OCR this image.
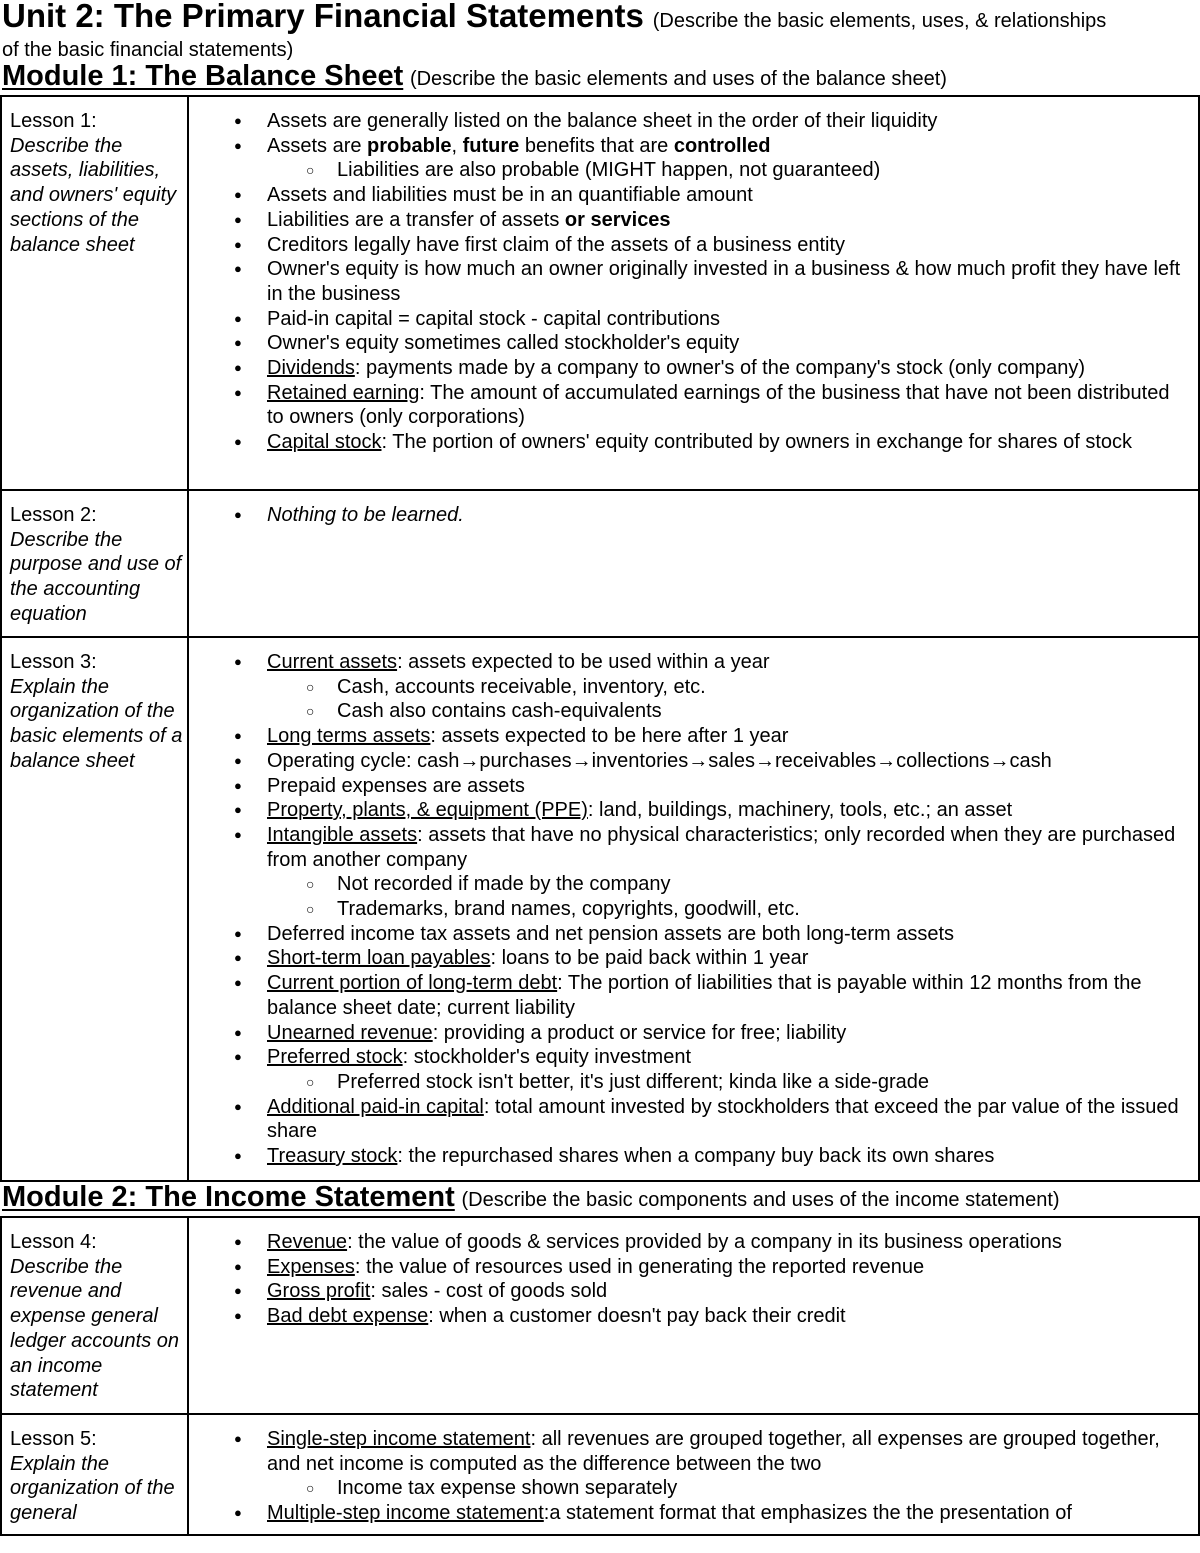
Unit 2: The Primary Financial Statements (Describe the basic elements, uses, & relationships
of the basic financial statements)
Module 1: The Balance Sheet (Describe the basic elements and uses of the balance sheet)
Lesson 1:
Describe the assets, liabilities, and owners' equity sections of the balance sheet
● Assets are generally listed on the balance sheet in the order of their liquidity
● Assets are probable, future benefits that are controlled
○ Liabilities are also probable (MIGHT happen, not guaranteed)
● Assets and liabilities must be in an quantifiable amount
● Liabilities are a transfer of assets or services
● Creditors legally have first claim of the assets of a business entity
● Owner's equity is how much an owner originally invested in a business & how much profit they have left in the business
● Paid-in capital = capital stock - capital contributions
● Owner's equity sometimes called stockholder's equity
● Dividends: payments made by a company to owner's of the company's stock (only company)
● Retained earning: The amount of accumulated earnings of the business that have not been distributed to owners (only corporations)
● Capital stock: The portion of owners' equity contributed by owners in exchange for shares of stock
Lesson 2:
Describe the purpose and use of the accounting equation
● Nothing to be learned.
Lesson 3:
Explain the organization of the basic elements of a balance sheet
● Current assets: assets expected to be used within a year
○ Cash, accounts receivable, inventory, etc.
○ Cash also contains cash-equivalents
● Long terms assets: assets expected to be here after 1 year
● Operating cycle: cash→purchases→inventories→sales→receivables→collections→cash
● Prepaid expenses are assets
● Property, plants, & equipment (PPE): land, buildings, machinery, tools, etc.; an asset
● Intangible assets: assets that have no physical characteristics; only recorded when they are purchased from another company
○ Not recorded if made by the company
○ Trademarks, brand names, copyrights, goodwill, etc.
● Deferred income tax assets and net pension assets are both long-term assets
● Short-term loan payables: loans to be paid back within 1 year
● Current portion of long-term debt: The portion of liabilities that is payable within 12 months from the balance sheet date; current liability
● Unearned revenue: providing a product or service for free; liability
● Preferred stock: stockholder's equity investment
○ Preferred stock isn't better, it's just different; kinda like a side-grade
● Additional paid-in capital: total amount invested by stockholders that exceed the par value of the issued share
● Treasury stock: the repurchased shares when a company buy back its own shares
Module 2: The Income Statement (Describe the basic components and uses of the income statement)
Lesson 4:
Describe the revenue and expense general ledger accounts on an income statement
● Revenue: the value of goods & services provided by a company in its business operations
● Expenses: the value of resources used in generating the reported revenue
● Gross profit: sales - cost of goods sold
● Bad debt expense: when a customer doesn't pay back their credit
Lesson 5:
Explain the organization of the general
● Single-step income statement: all revenues are grouped together, all expenses are grouped together, and net income is computed as the difference between the two
○ Income tax expense shown separately
● Multiple-step income statement:a statement format that emphasizes the the presentation of
